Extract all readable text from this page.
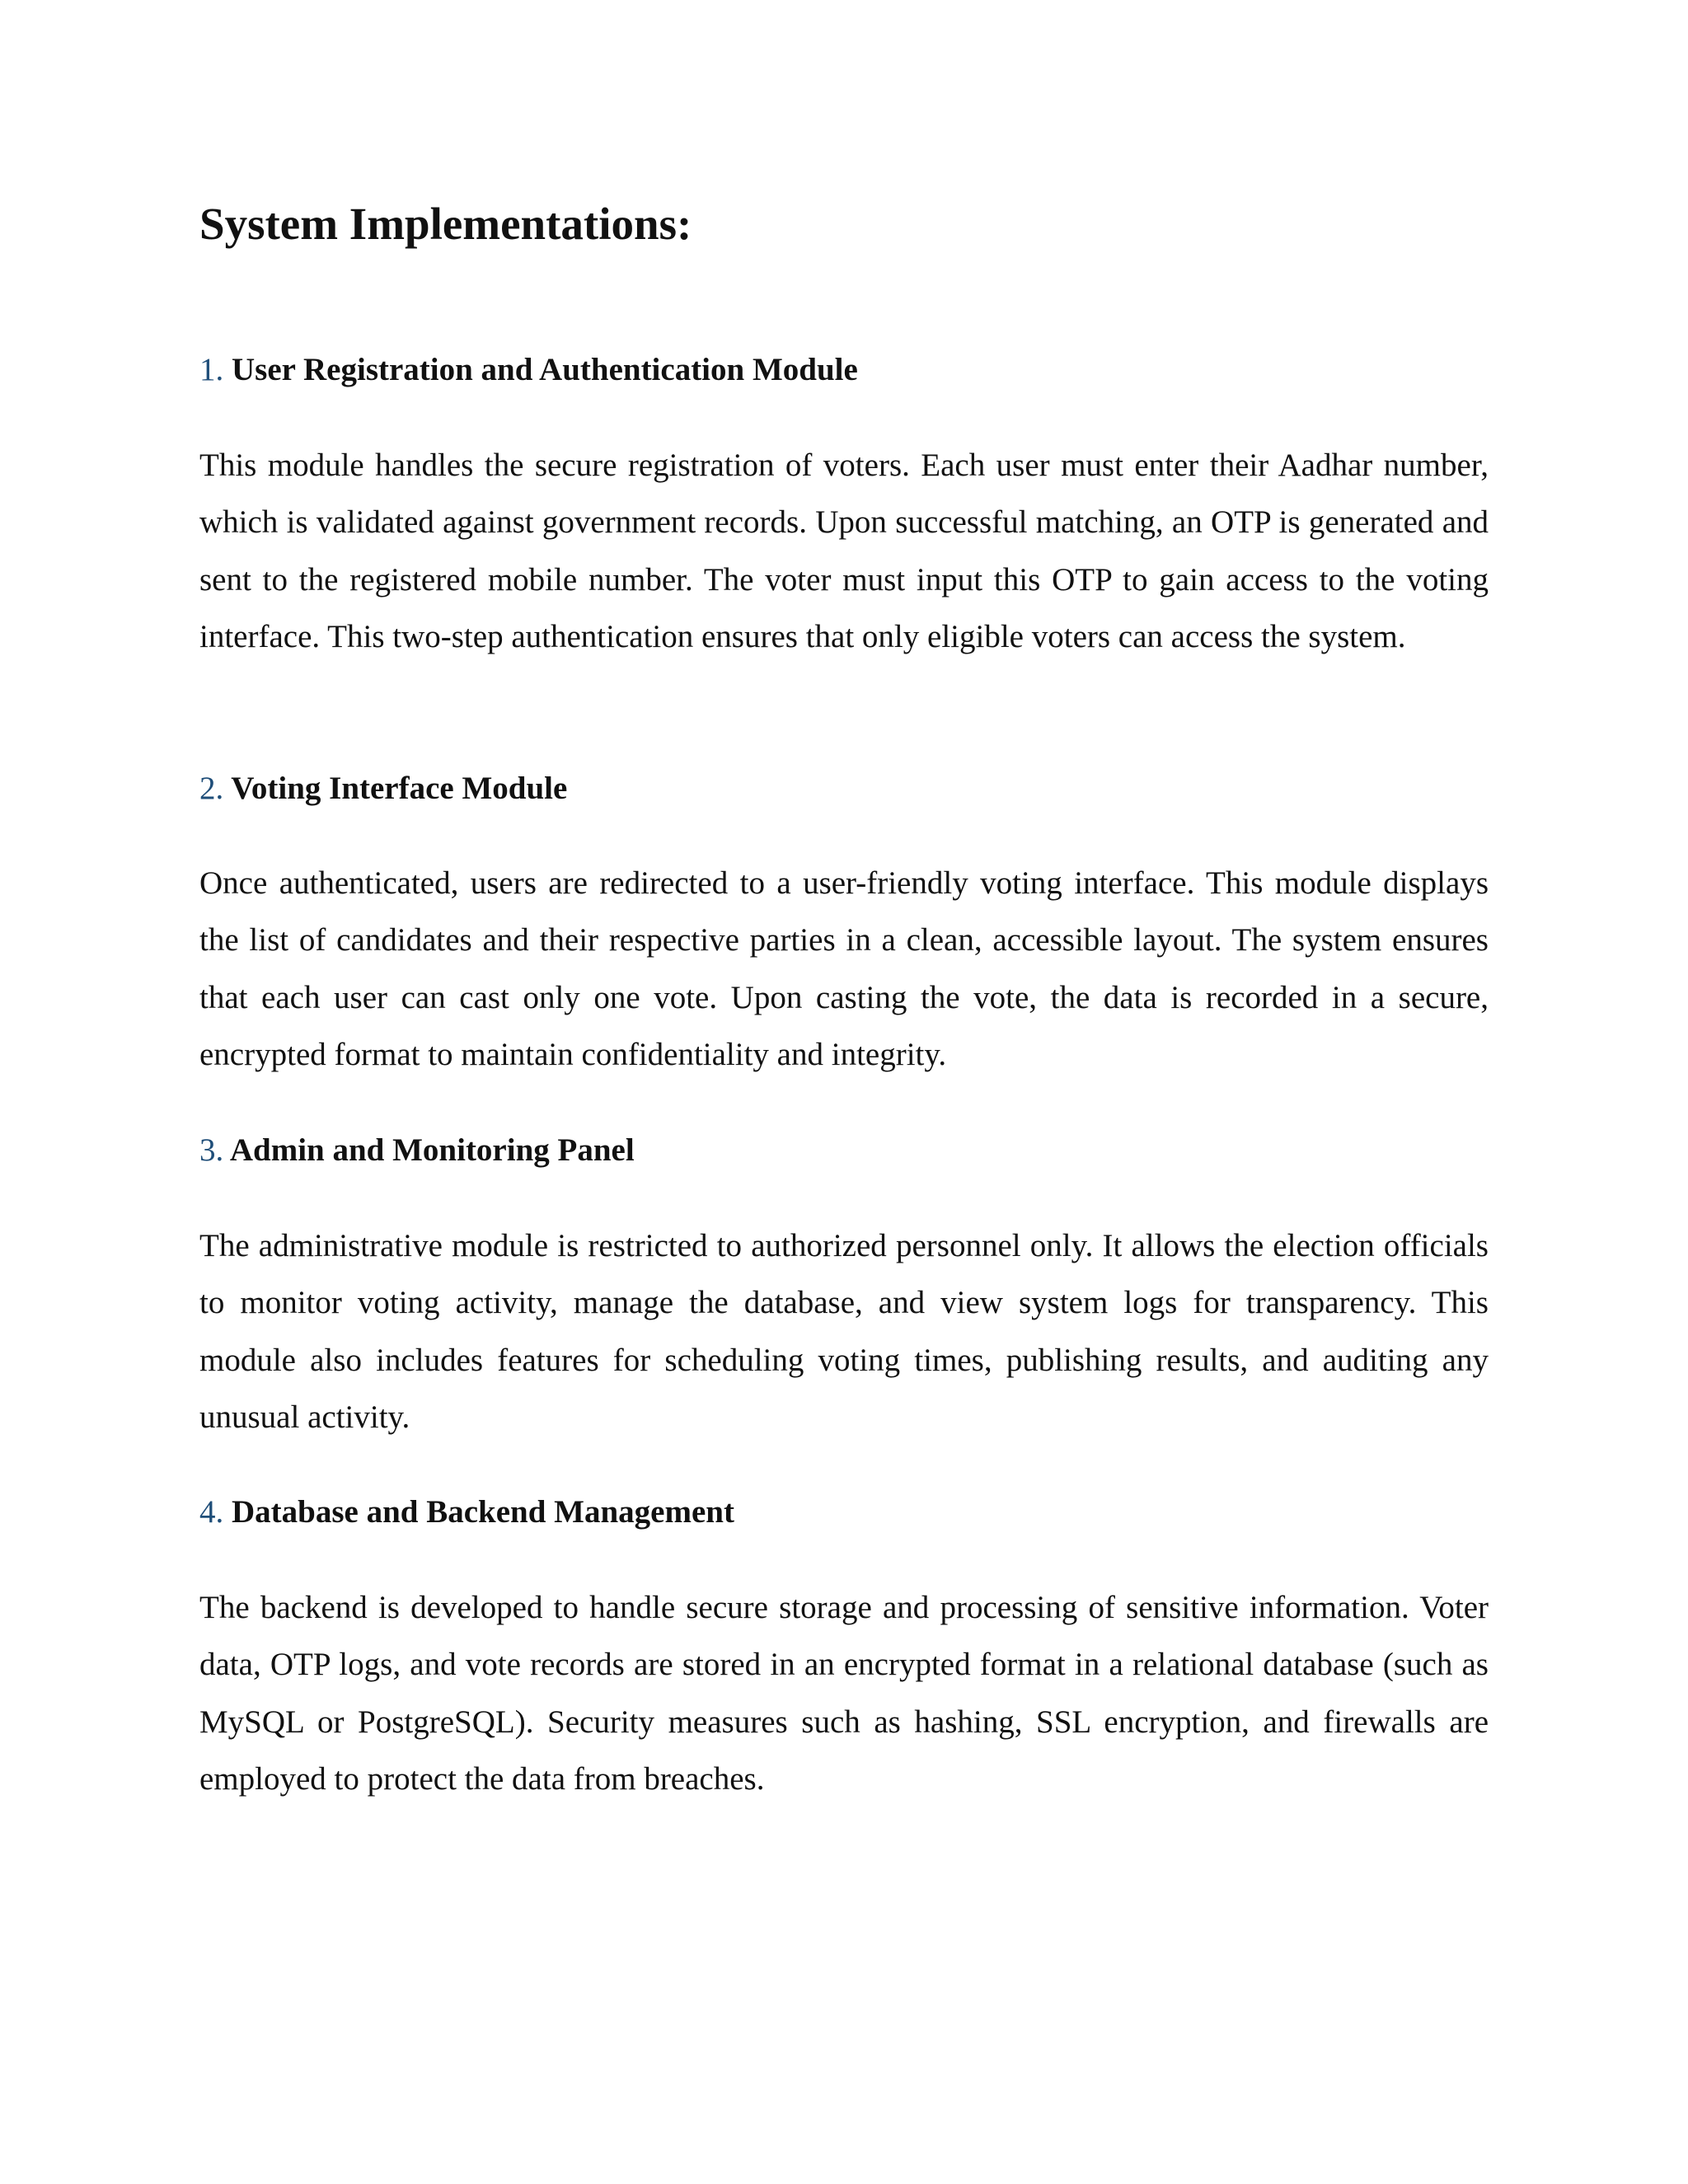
System Implementations:
1. User Registration and Authentication Module

This module handles the secure registration of voters. Each user must enter their Aadhar number, which is validated against government records. Upon successful matching, an OTP is generated and sent to the registered mobile number. The voter must input this OTP to gain access to the voting interface. This two-step authentication ensures that only eligible voters can access the system.

2. Voting Interface Module

Once authenticated, users are redirected to a user-friendly voting interface. This module displays the list of candidates and their respective parties in a clean, accessible layout. The system ensures that each user can cast only one vote. Upon casting the vote, the data is recorded in a secure, encrypted format to maintain confidentiality and integrity.

3. Admin and Monitoring Panel

The administrative module is restricted to authorized personnel only. It allows the election officials to monitor voting activity, manage the database, and view system logs for transparency. This module also includes features for scheduling voting times, publishing results, and auditing any unusual activity.

4. Database and Backend Management

The backend is developed to handle secure storage and processing of sensitive information. Voter data, OTP logs, and vote records are stored in an encrypted format in a relational database (such as MySQL or PostgreSQL). Security measures such as hashing, SSL encryption, and firewalls are employed to protect the data from breaches.
